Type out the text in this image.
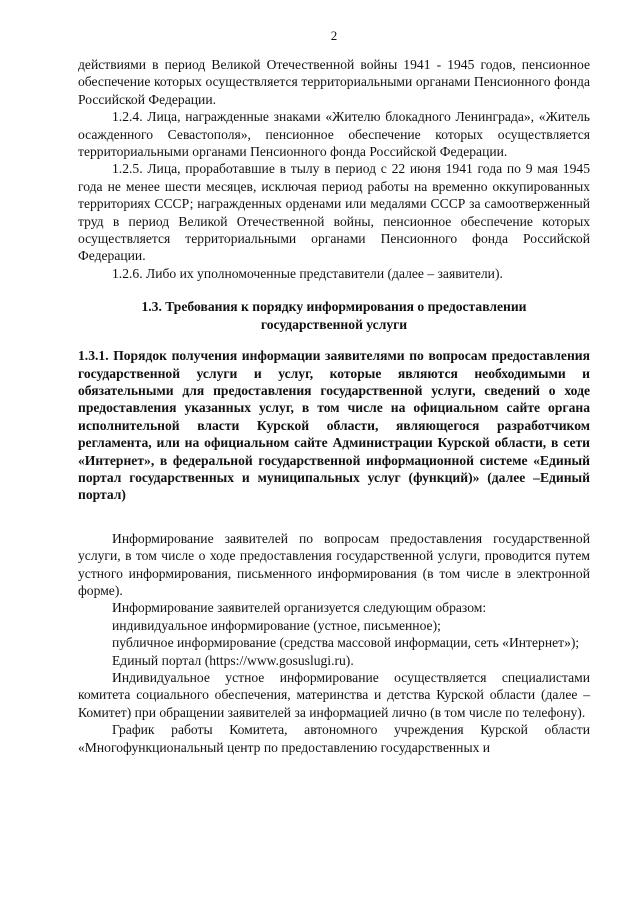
2

действиями в период Великой Отечественной войны 1941 - 1945 годов, пенсионное обеспечение которых осуществляется территориальными органами Пенсионного фонда Российской Федерации.

1.2.4. Лица, награжденные знаками «Жителю блокадного Ленинграда», «Житель осажденного Севастополя», пенсионное обеспечение которых осуществляется территориальными органами Пенсионного фонда Российской Федерации.

1.2.5. Лица, проработавшие в тылу в период с 22 июня 1941 года по 9 мая 1945 года не менее шести месяцев, исключая период работы на временно оккупированных территориях СССР; награжденных орденами или медалями СССР за самоотверженный труд в период Великой Отечественной войны, пенсионное обеспечение которых осуществляется территориальными органами Пенсионного фонда Российской Федерации.

1.2.6. Либо их уполномоченные представители (далее – заявители).

1.3. Требования к порядку информирования о предоставлении
государственной услуги

1.3.1. Порядок получения информации заявителями по вопросам предоставления государственной услуги и услуг, которые являются необходимыми и обязательными для предоставления государственной услуги, сведений о ходе предоставления указанных услуг, в том числе на официальном сайте органа исполнительной власти Курской области, являющегося разработчиком регламента, или на официальном сайте Администрации Курской области, в сети «Интернет», в федеральной государственной информационной системе «Единый портал государственных и муниципальных услуг (функций)» (далее –Единый портал)

Информирование заявителей по вопросам предоставления государственной услуги, в том числе о ходе предоставления государственной услуги, проводится путем устного информирования, письменного информирования (в том числе в электронной форме).

Информирование заявителей организуется следующим образом:

индивидуальное информирование (устное, письменное);

публичное информирование (средства массовой информации, сеть «Интернет»);

Единый портал (https://www.gosuslugi.ru).

Индивидуальное устное информирование осуществляется специалистами комитета социального обеспечения, материнства и детства Курской области (далее – Комитет) при обращении заявителей за информацией лично (в том числе по телефону).

График работы Комитета, автономного учреждения Курской области «Многофункциональный центр по предоставлению государственных и
